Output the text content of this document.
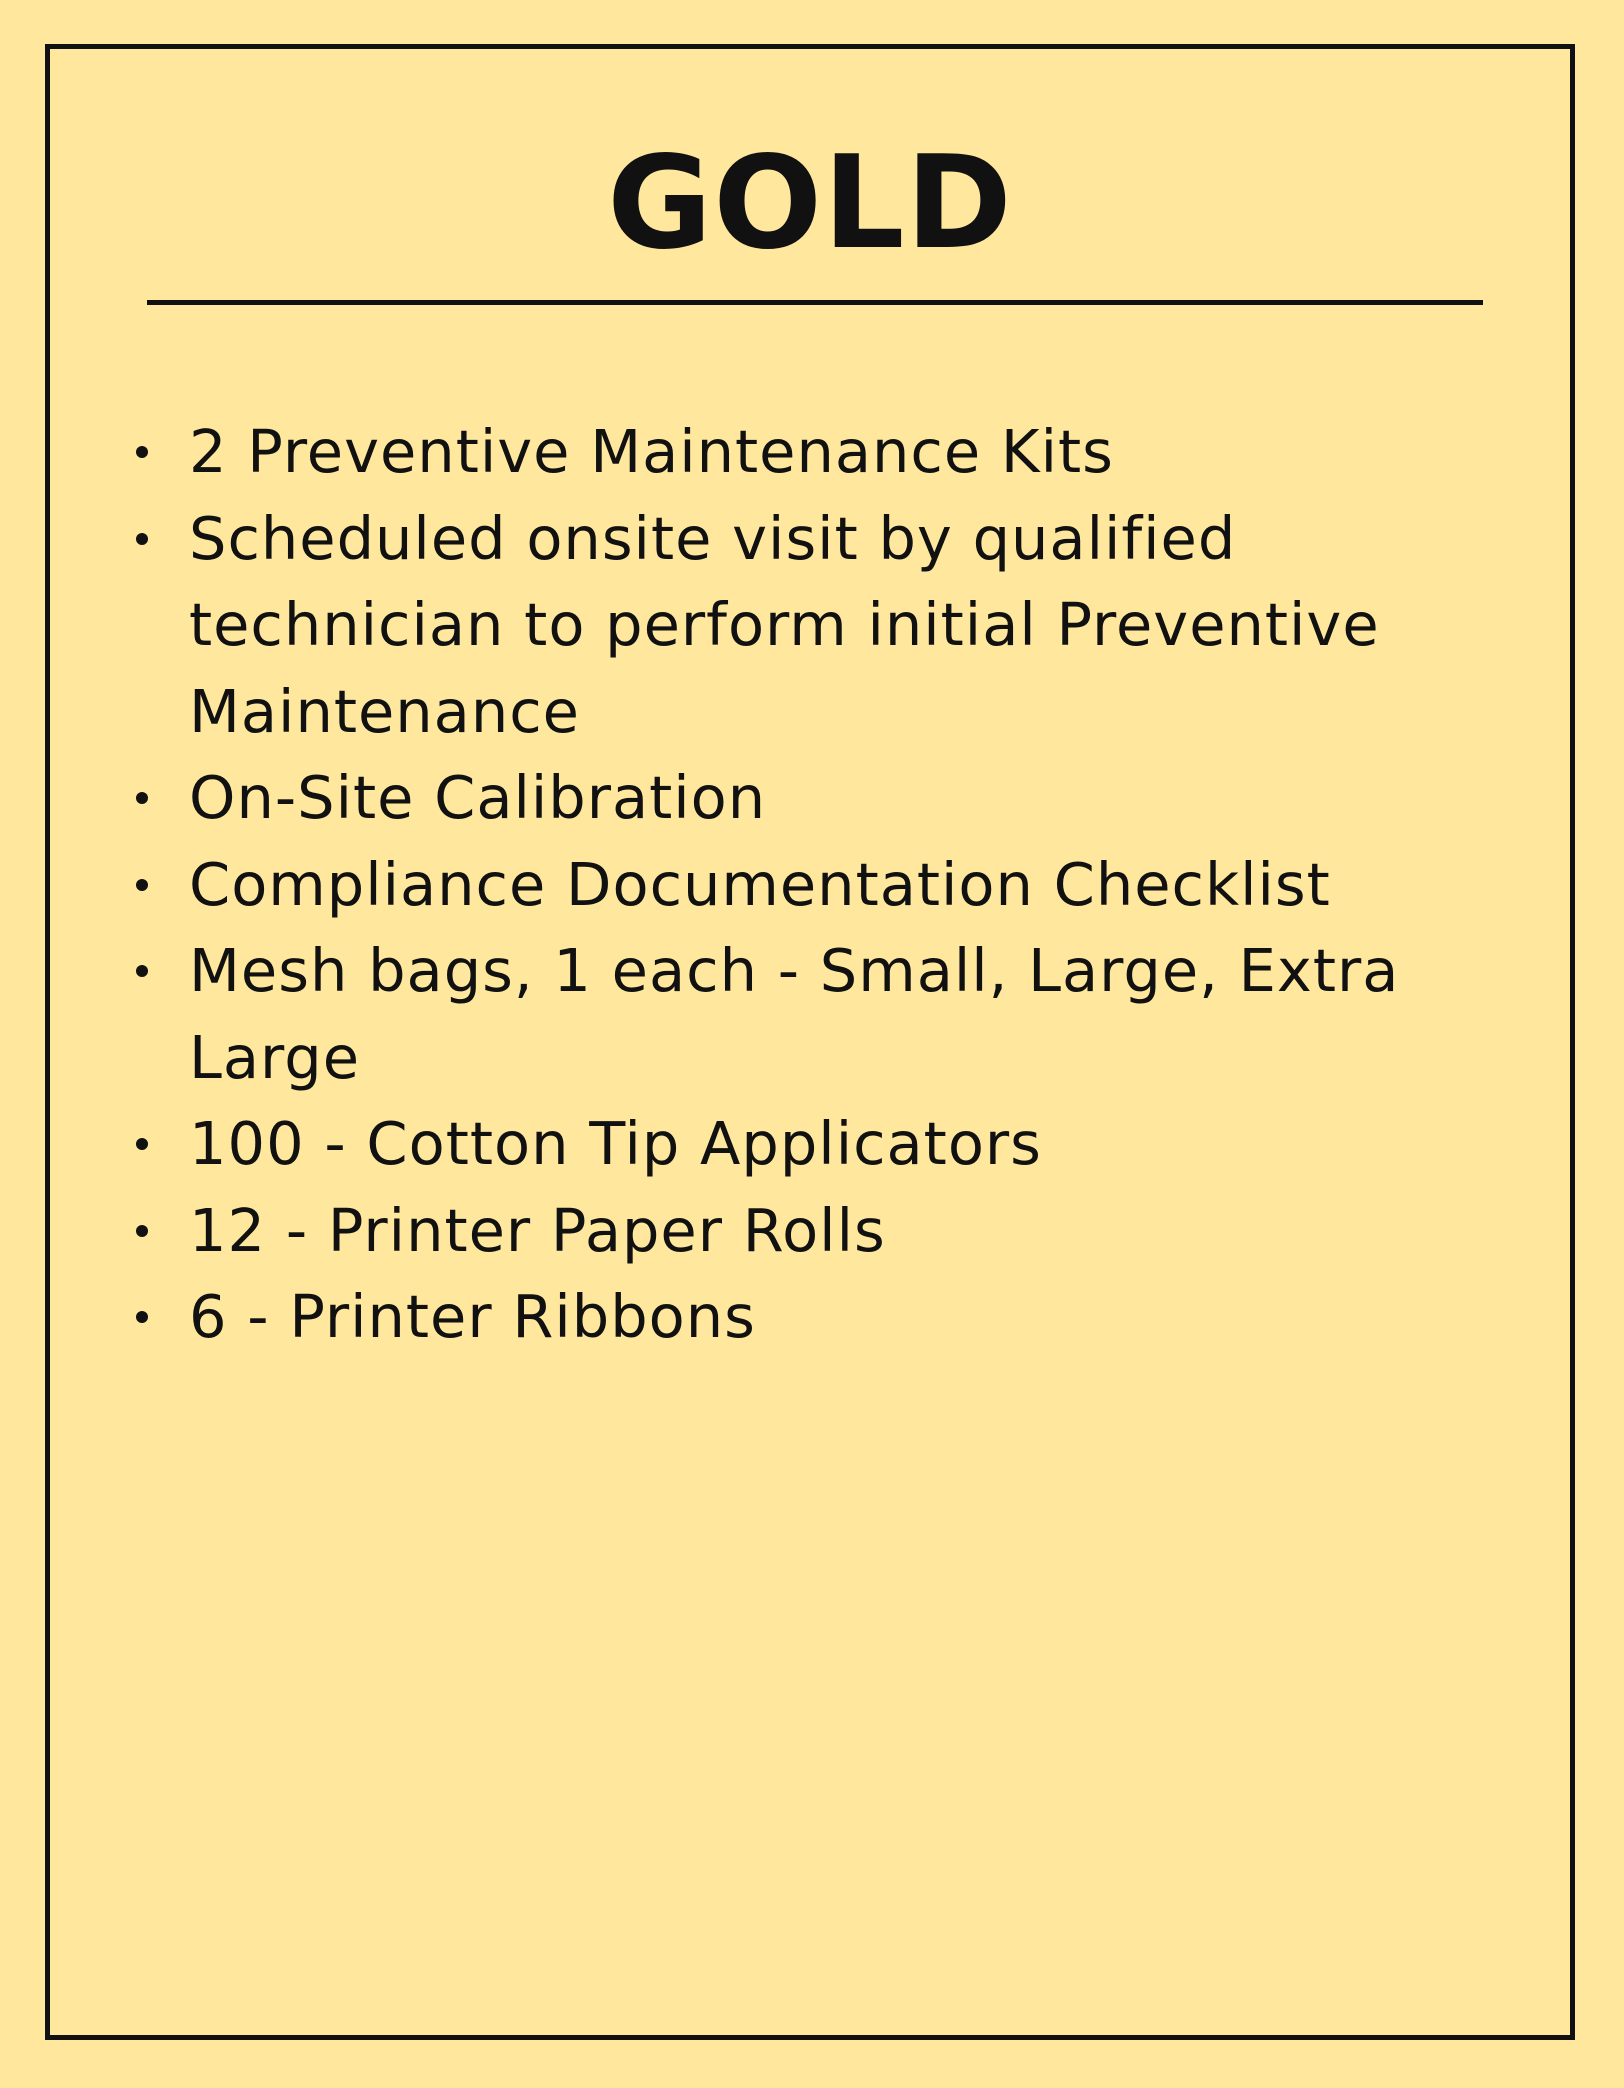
GOLD
2 Preventive Maintenance Kits
Scheduled onsite visit by qualified technician to perform initial Preventive Maintenance
On-Site Calibration
Compliance Documentation Checklist
Mesh bags, 1 each - Small, Large, Extra Large
100 - Cotton Tip Applicators
12 - Printer Paper Rolls
6 - Printer Ribbons
